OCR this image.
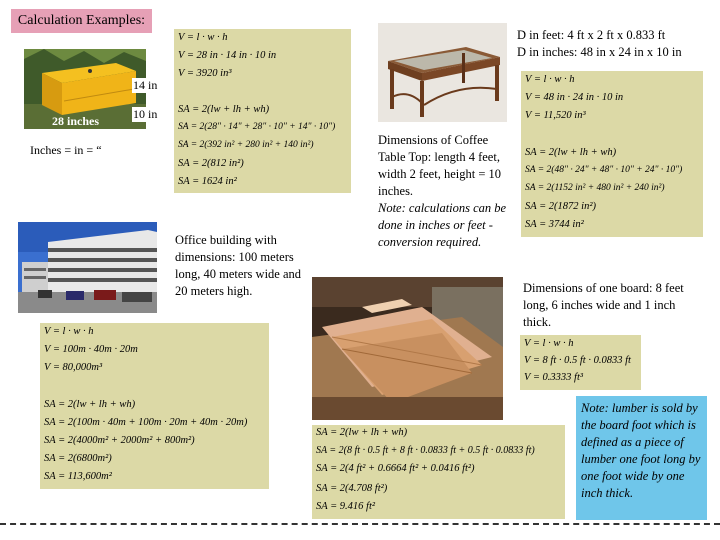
Calculation Examples:
28 inches
14 in
10 in
Inches = in = “
V = l · w · h
V = 28 in · 14 in · 10 in
V = 3920 in³
SA = 2(lw + lh + wh)
SA = 2(28" · 14" + 28" · 10" + 14" · 10")
SA = 2(392 in² + 280 in² + 140 in²)
SA = 2(812 in²)
SA = 1624 in²
D in feet: 4 ft x 2 ft x 0.833 ft
D in inches: 48 in x 24 in x 10 in
Dimensions of Coffee Table Top: length 4 feet, width 2 feet, height = 10 inches.
Note: calculations can be done in inches or feet - conversion required.
V = l · w · h
V = 48 in · 24 in · 10 in
V = 11,520 in³
SA = 2(lw + lh + wh)
SA = 2(48" · 24" + 48" · 10" + 24" · 10")
SA = 2(1152 in² + 480 in² + 240 in²)
SA = 2(1872 in²)
SA = 3744 in²
Office building with dimensions: 100 meters long, 40 meters wide and 20 meters high.
V = l · w · h
V = 100m · 40m · 20m
V = 80,000m³
SA = 2(lw + lh + wh)
SA = 2(100m · 40m + 100m · 20m + 40m · 20m)
SA = 2(4000m² + 2000m² + 800m²)
SA = 2(6800m²)
SA = 113,600m²
Dimensions of one board: 8 feet long, 6 inches wide and 1 inch thick.
V = l · w · h
V = 8 ft · 0.5 ft · 0.0833 ft
V = 0.3333 ft³
SA = 2(lw + lh + wh)
SA = 2(8 ft · 0.5 ft + 8 ft · 0.0833 ft + 0.5 ft · 0.0833 ft)
SA = 2(4 ft² + 0.6664 ft² + 0.0416 ft²)
SA = 2(4.708 ft²)
SA = 9.416 ft²
Note: lumber is sold by the board foot which is defined as a piece of lumber one foot long by one foot wide by one inch thick.
